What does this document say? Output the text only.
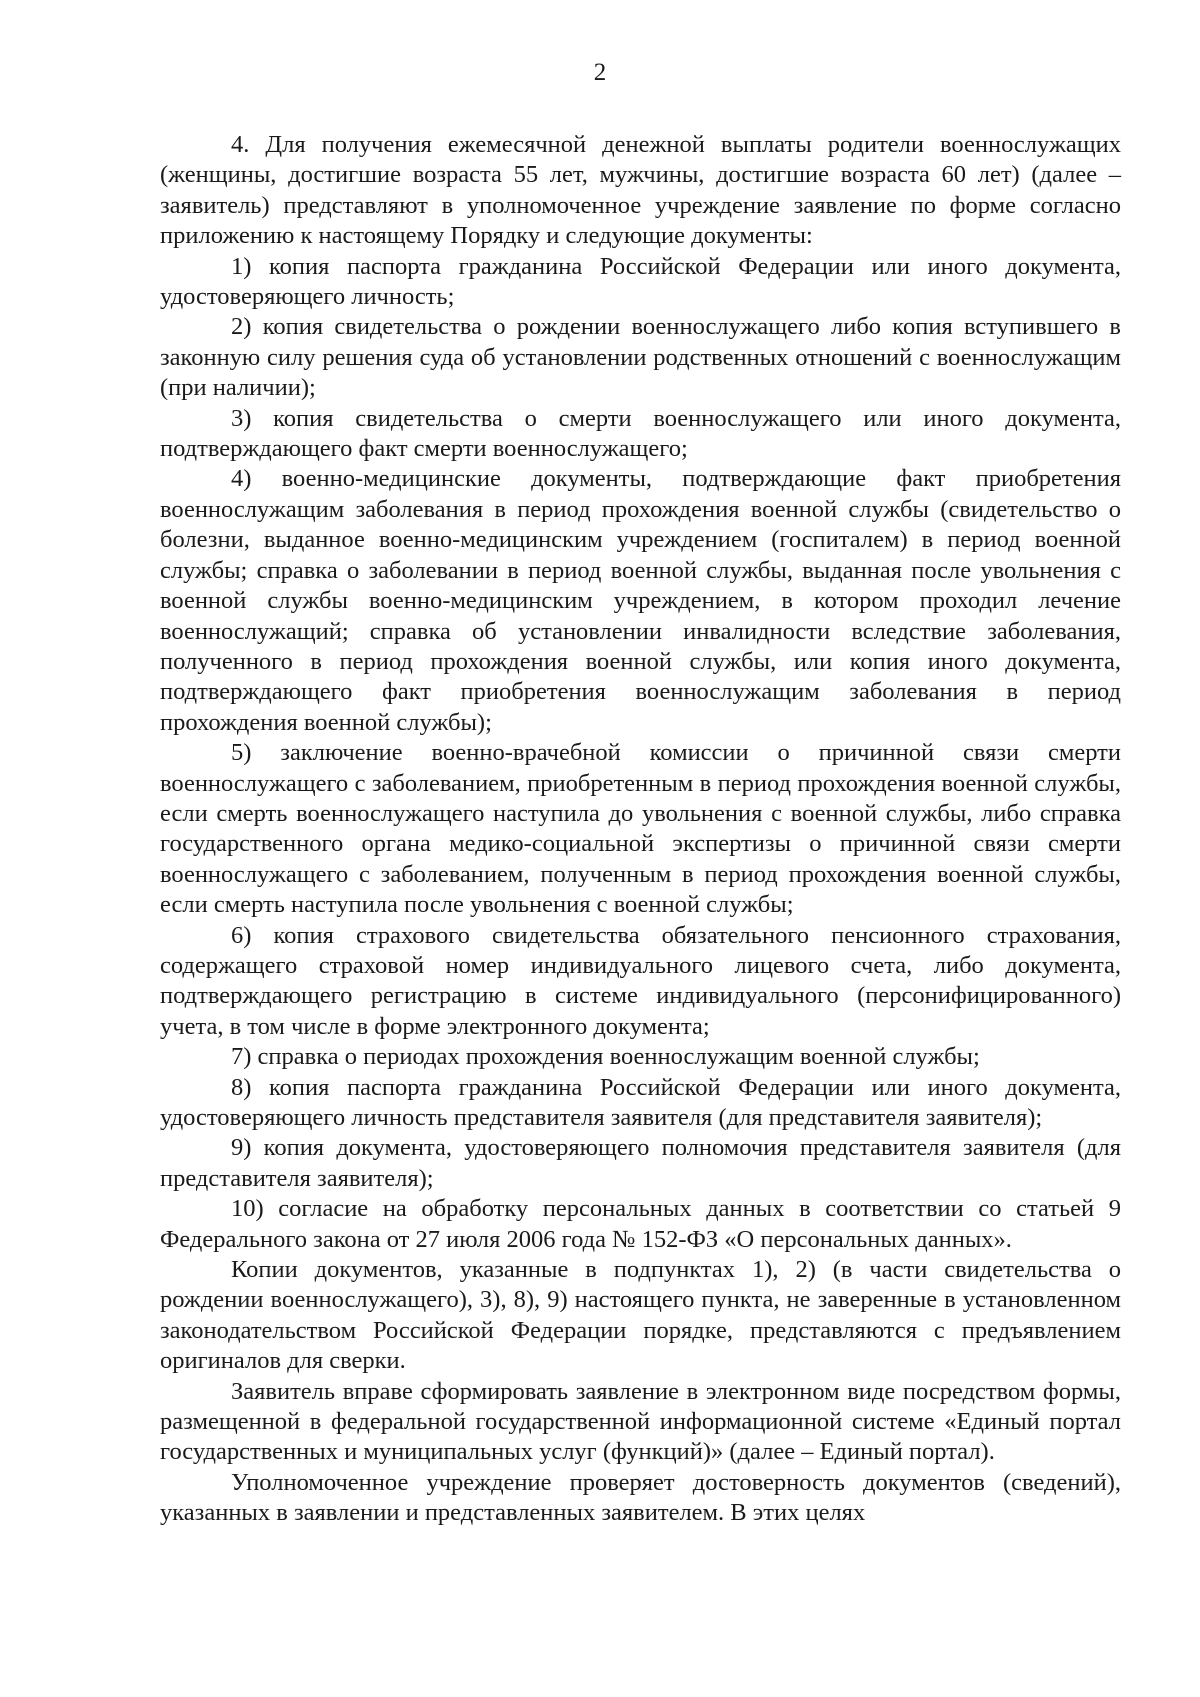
2

4. Для получения ежемесячной денежной выплаты родители военнослужащих (женщины, достигшие возраста 55 лет, мужчины, достигшие возраста 60 лет) (далее – заявитель) представляют в уполномоченное учреждение заявление по форме согласно приложению к настоящему Порядку и следующие документы:

1) копия паспорта гражданина Российской Федерации или иного документа, удостоверяющего личность;

2) копия свидетельства о рождении военнослужащего либо копия вступившего в законную силу решения суда об установлении родственных отношений с военнослужащим (при наличии);

3) копия свидетельства о смерти военнослужащего или иного документа, подтверждающего факт смерти военнослужащего;

4) военно-медицинские документы, подтверждающие факт приобретения военнослужащим заболевания в период прохождения военной службы (свидетельство о болезни, выданное военно-медицинским учреждением (госпиталем) в период военной службы; справка о заболевании в период военной службы, выданная после увольнения с военной службы военно-медицинским учреждением, в котором проходил лечение военнослужащий; справка об установлении инвалидности вследствие заболевания, полученного в период прохождения военной службы, или копия иного документа, подтверждающего факт приобретения военнослужащим заболевания в период прохождения военной службы);

5) заключение военно-врачебной комиссии о причинной связи смерти военнослужащего с заболеванием, приобретенным в период прохождения военной службы, если смерть военнослужащего наступила до увольнения с военной службы, либо справка государственного органа медико-социальной экспертизы о причинной связи смерти военнослужащего с заболеванием, полученным в период прохождения военной службы, если смерть наступила после увольнения с военной службы;

6) копия страхового свидетельства обязательного пенсионного страхования, содержащего страховой номер индивидуального лицевого счета, либо документа, подтверждающего регистрацию в системе индивидуального (персонифицированного) учета, в том числе в форме электронного документа;

7) справка о периодах прохождения военнослужащим военной службы;

8) копия паспорта гражданина Российской Федерации или иного документа, удостоверяющего личность представителя заявителя (для представителя заявителя);

9) копия документа, удостоверяющего полномочия представителя заявителя (для представителя заявителя);

10) согласие на обработку персональных данных в соответствии со статьей 9 Федерального закона от 27 июля 2006 года № 152-ФЗ «О персональных данных».

Копии документов, указанные в подпунктах 1), 2) (в части свидетельства о рождении военнослужащего), 3), 8), 9) настоящего пункта, не заверенные в установленном законодательством Российской Федерации порядке, представляются с предъявлением оригиналов для сверки.

Заявитель вправе сформировать заявление в электронном виде посредством формы, размещенной в федеральной государственной информационной системе «Единый портал государственных и муниципальных услуг (функций)» (далее – Единый портал).

Уполномоченное учреждение проверяет достоверность документов (сведений), указанных в заявлении и представленных заявителем. В этих целях
